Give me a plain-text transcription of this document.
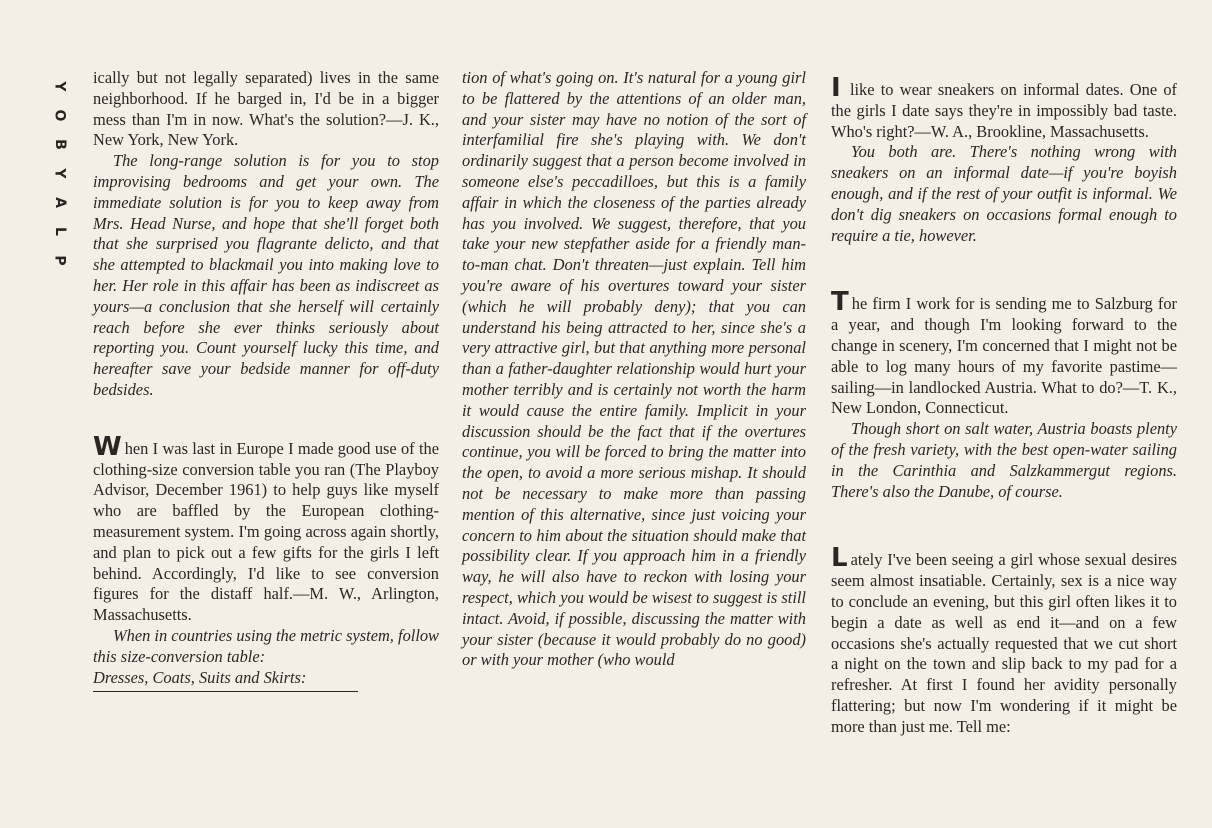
Y
O
B
Y
A
L
P

ically but not legally separated) lives in the same neighborhood. If he barged in, I'd be in a bigger mess than I'm in now. What's the solution?—J. K., New York, New York.

The long-range solution is for you to stop improvising bedrooms and get your own. The immediate solution is for you to keep away from Mrs. Head Nurse, and hope that she'll forget both that she surprised you flagrante delicto, and that she attempted to blackmail you into making love to her. Her role in this affair has been as indiscreet as yours—a conclusion that she herself will certainly reach before she ever thinks seriously about reporting you. Count yourself lucky this time, and hereafter save your bedside manner for off-duty bedsides.

When I was last in Europe I made good use of the clothing-size conversion table you ran (The Playboy Advisor, December 1961) to help guys like myself who are baffled by the European clothing-measurement system. I'm going across again shortly, and plan to pick out a few gifts for the girls I left behind. Accordingly, I'd like to see conversion figures for the distaff half.—M. W., Arlington, Massachusetts.

When in countries using the metric system, follow this size-conversion table:

Dresses, Coats, Suits and Skirts:

tion of what's going on. It's natural for a young girl to be flattered by the attentions of an older man, and your sister may have no notion of the sort of interfamilial fire she's playing with. We don't ordinarily suggest that a person become involved in someone else's peccadilloes, but this is a family affair in which the closeness of the parties already has you involved. We suggest, therefore, that you take your new stepfather aside for a friendly man-to-man chat. Don't threaten—just explain. Tell him you're aware of his overtures toward your sister (which he will probably deny); that you can understand his being attracted to her, since she's a very attractive girl, but that anything more personal than a father-daughter relationship would hurt your mother terribly and is certainly not worth the harm it would cause the entire family. Implicit in your discussion should be the fact that if the overtures continue, you will be forced to bring the matter into the open, to avoid a more serious mishap. It should not be necessary to make more than passing mention of this alternative, since just voicing your concern to him about the situation should make that possibility clear. If you approach him in a friendly way, he will also have to reckon with losing your respect, which you would be wisest to suggest is still intact. Avoid, if possible, discussing the matter with your sister (because it would probably do no good) or with your mother (who would

I like to wear sneakers on informal dates. One of the girls I date says they're in impossibly bad taste. Who's right?—W. A., Brookline, Massachusetts.

You both are. There's nothing wrong with sneakers on an informal date—if you're boyish enough, and if the rest of your outfit is informal. We don't dig sneakers on occasions formal enough to require a tie, however.

The firm I work for is sending me to Salzburg for a year, and though I'm looking forward to the change in scenery, I'm concerned that I might not be able to log many hours of my favorite pastime—sailing—in landlocked Austria. What to do?—T. K., New London, Connecticut.

Though short on salt water, Austria boasts plenty of the fresh variety, with the best open-water sailing in the Carinthia and Salzkammergut regions. There's also the Danube, of course.

Lately I've been seeing a girl whose sexual desires seem almost insatiable. Certainly, sex is a nice way to conclude an evening, but this girl often likes it to begin a date as well as end it—and on a few occasions she's actually requested that we cut short a night on the town and slip back to my pad for a refresher. At first I found her avidity personally flattering; but now I'm wondering if it might be more than just me. Tell me:
